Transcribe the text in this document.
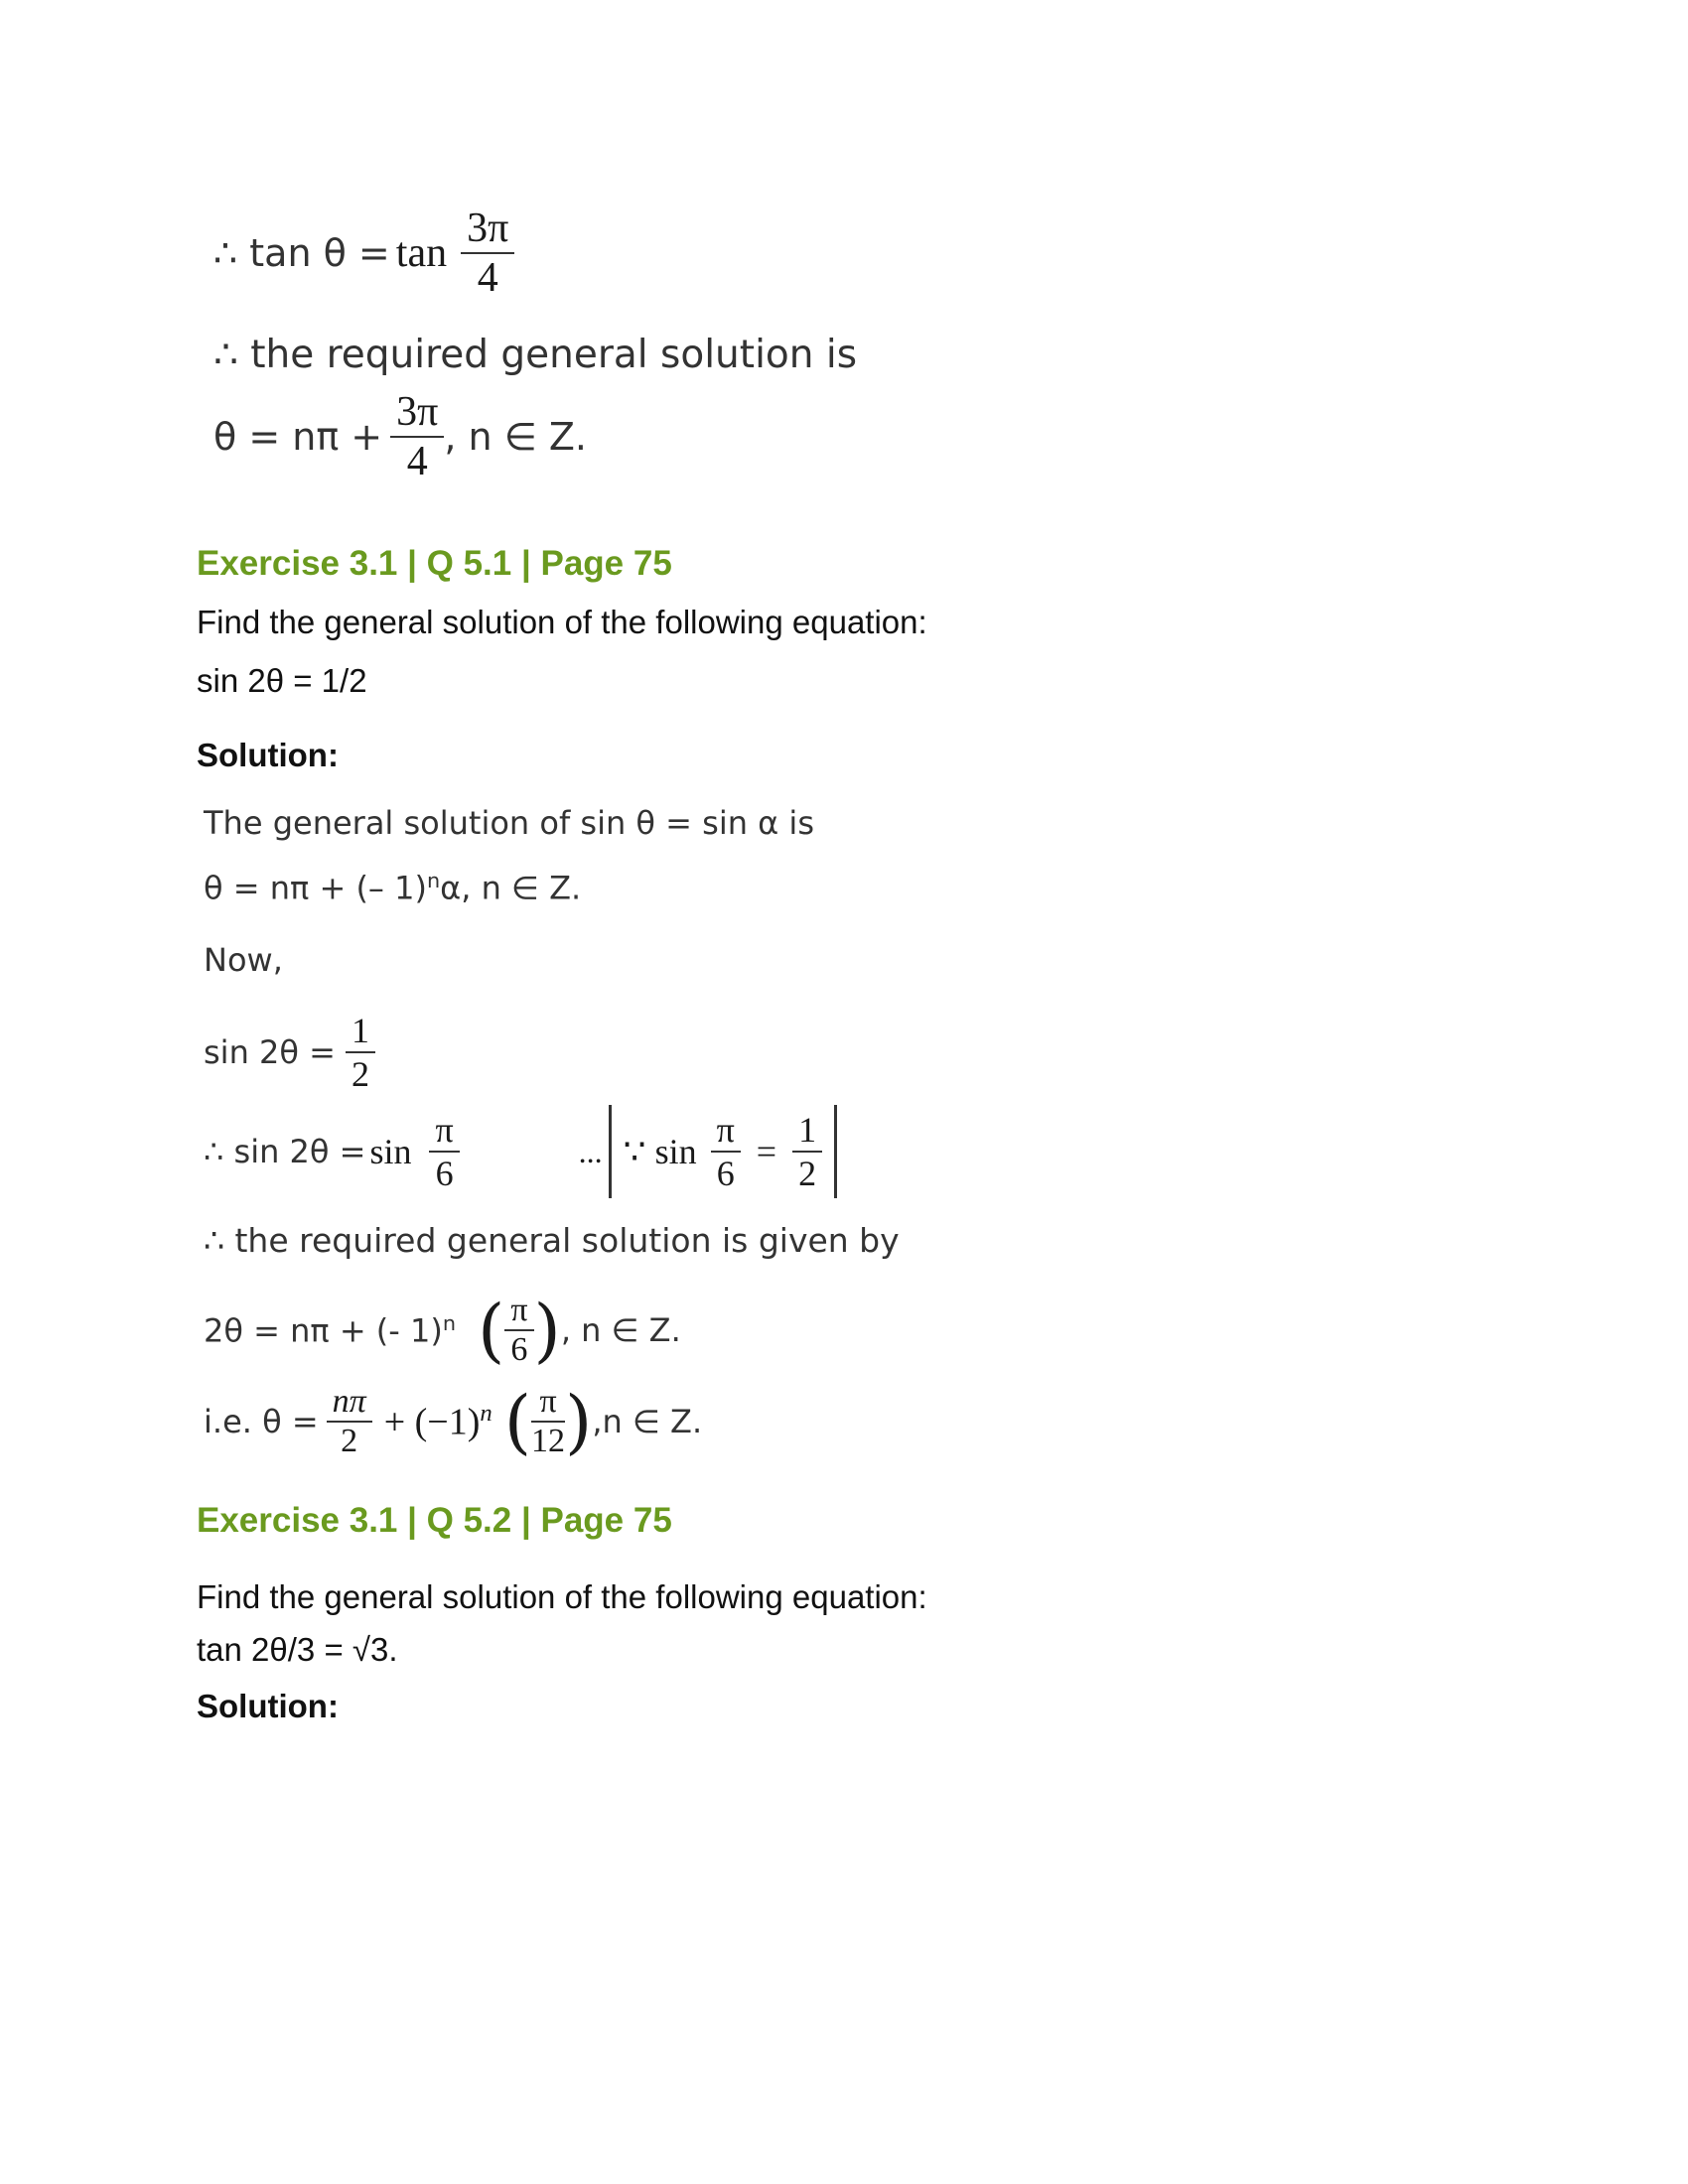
∴ $\tan \theta = \tan \frac{3\pi}{4}$
∴ the required general solution is
$\theta = n\pi + \frac{3\pi}{4}$ , n ∈ Z.
Exercise 3.1 | Q 5.1 | Page 75
Find the general solution of the following equation:
sin 2θ = 1/2
Solution:
The general solution of sin θ = sin α is
θ = nπ + (– 1)$^n$α, n ∈ Z.
Now,
$\sin 2\theta = \frac{1}{2}$
∴ $\sin 2\theta = \sin \frac{\pi}{6}$	... ∵ $\sin \frac{\pi}{6} = \frac{1}{2}$
∴ the required general solution is given by
2θ = nπ + (- 1)$^n$ ( $\frac{\pi}{6}$ ) , n ∈ Z.
i.e. $\theta = \frac{n\pi}{2} + (-1)^n$ ( $\frac{\pi}{12}$ ) ,n ∈ Z.
Exercise 3.1 | Q 5.2 | Page 75
Find the general solution of the following equation:
tan 2θ/3 = √3.
Solution:
